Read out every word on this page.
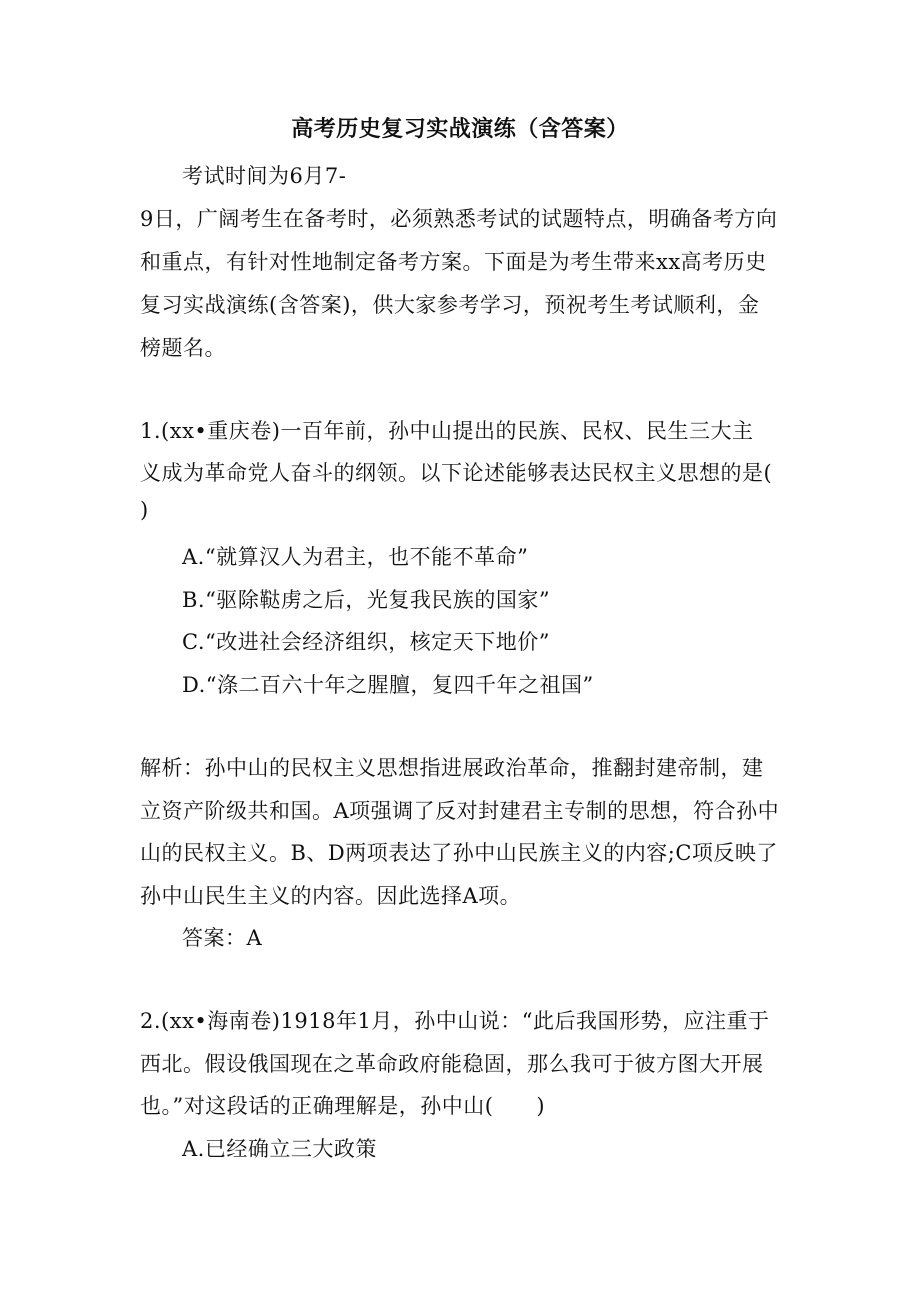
高考历史复习实战演练（含答案）
考试时间为6月7-
9日，广阔考生在备考时，必须熟悉考试的试题特点，明确备考方向
和重点，有针对性地制定备考方案。下面是为考生带来xx高考历史
复习实战演练(含答案)，供大家参考学习，预祝考生考试顺利，金
榜题名。
1.(xx•重庆卷)一百年前，孙中山提出的民族、民权、民生三大主
义成为革命党人奋斗的纲领。以下论述能够表达民权主义思想的是(
)
A.“就算汉人为君主，也不能不革命”
B.“驱除鞑虏之后，光复我民族的国家”
C.“改进社会经济组织，核定天下地价”
D.“涤二百六十年之腥膻，复四千年之祖国”
解析：孙中山的民权主义思想指进展政治革命，推翻封建帝制，建
立资产阶级共和国。A项强调了反对封建君主专制的思想，符合孙中
山的民权主义。B、D两项表达了孙中山民族主义的内容;C项反映了
孙中山民生主义的内容。因此选择A项。
答案：A
2.(xx•海南卷)1918年1月，孙中山说：“此后我国形势，应注重于
西北。假设俄国现在之革命政府能稳固，那么我可于彼方图大开展
也。”对这段话的正确理解是，孙中山(　　)
A.已经确立三大政策
